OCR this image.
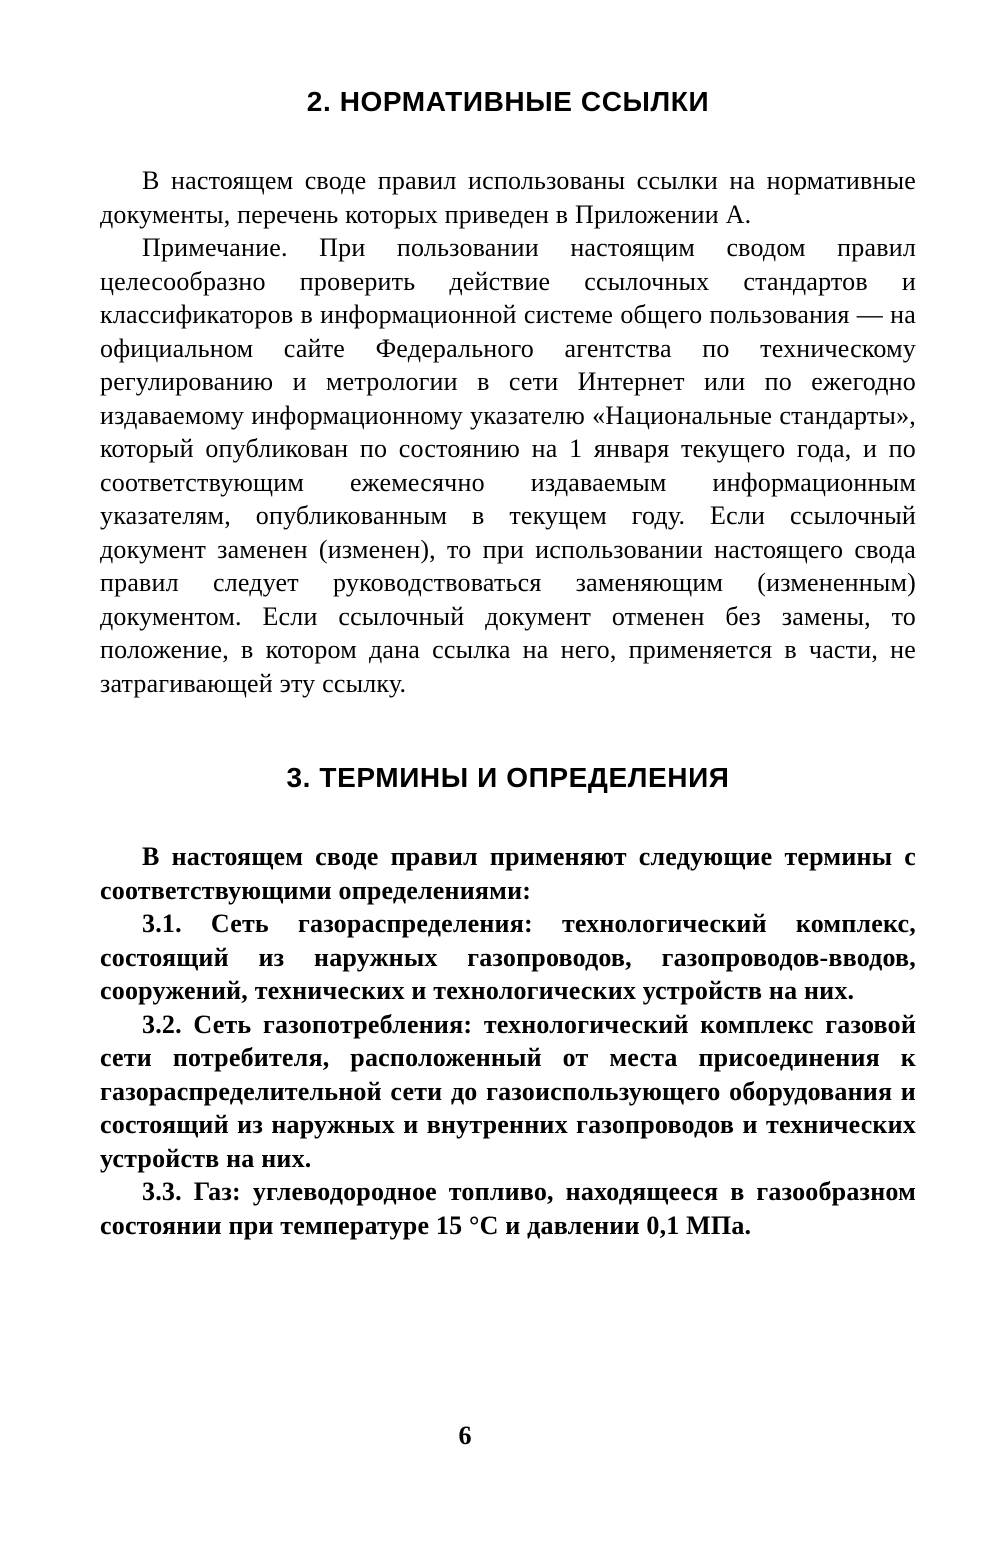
2. НОРМАТИВНЫЕ ССЫЛКИ

В настоящем своде правил использованы ссылки на нормативные документы, перечень которых приведен в Приложении А.

Примечание. При пользовании настоящим сводом правил целесообразно проверить действие ссылочных стандартов и классификаторов в информационной системе общего пользования — на официальном сайте Федерального агентства по техническому регулированию и метрологии в сети Интернет или по ежегодно издаваемому информационному указателю «Национальные стандарты», который опубликован по состоянию на 1 января текущего года, и по соответствующим ежемесячно издаваемым информационным указателям, опубликованным в текущем году. Если ссылочный документ заменен (изменен), то при использовании настоящего свода правил следует руководствоваться заменяющим (измененным) документом. Если ссылочный документ отменен без замены, то положение, в котором дана ссылка на него, применяется в части, не затрагивающей эту ссылку.

3. ТЕРМИНЫ И ОПРЕДЕЛЕНИЯ

В настоящем своде правил применяют следующие термины с соответствующими определениями:

3.1. Сеть газораспределения: технологический комплекс, состоящий из наружных газопроводов, газопроводов-вводов, сооружений, технических и технологических устройств на них.

3.2. Сеть газопотребления: технологический комплекс газовой сети потребителя, расположенный от места присоединения к газораспределительной сети до газоиспользующего оборудования и состоящий из наружных и внутренних газопроводов и технических устройств на них.

3.3. Газ: углеводородное топливо, находящееся в газообразном состоянии при температуре 15 °С и давлении 0,1 МПа.

6
